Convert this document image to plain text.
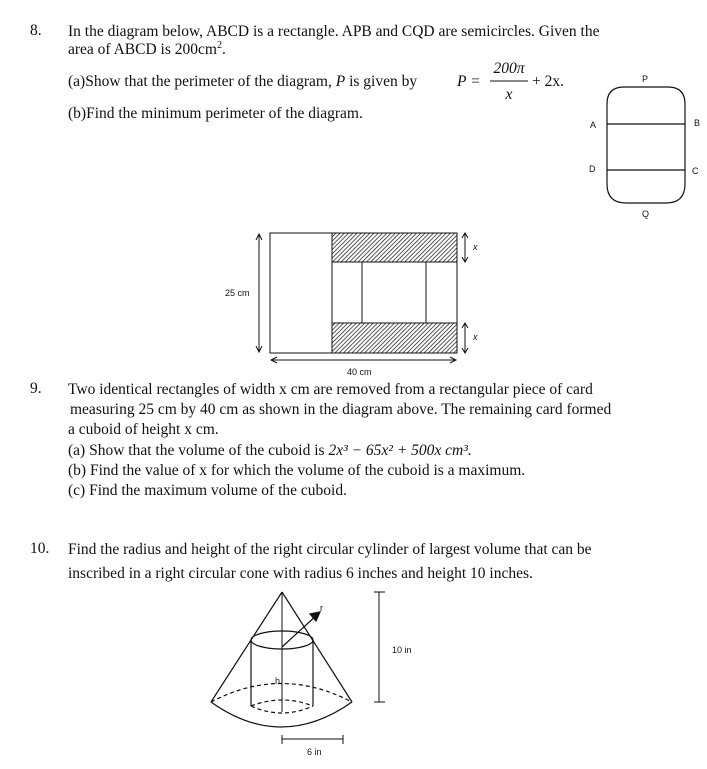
8. In the diagram below, ABCD is a rectangle. APB and CQD are semicircles. Given the
area of ABCD is $200cm^2$.
(a)Show that the perimeter of the diagram, P is given by	P =
200π
x
+ 2x.
(b)Find the minimum perimeter of the diagram.
P
A	B
C
D
Q
25 cm
40 cm
x
x
9. Two identical rectangles of width x cm are removed from a rectangular piece of card
measuring 25 cm by 40 cm as shown in the diagram above. The remaining card formed
a cuboid of height x cm.
(a) Show that the volume of the cuboid is 2x³ − 65x² + 500x cm³.
(b) Find the value of x for which the volume of the cuboid is a maximum.
(c) Find the maximum volume of the cuboid.
10. Find the radius and height of the right circular cylinder of largest volume that can be
inscribed in a right circular cone with radius 6 inches and height 10 inches.
r
h
10 in
6 in
